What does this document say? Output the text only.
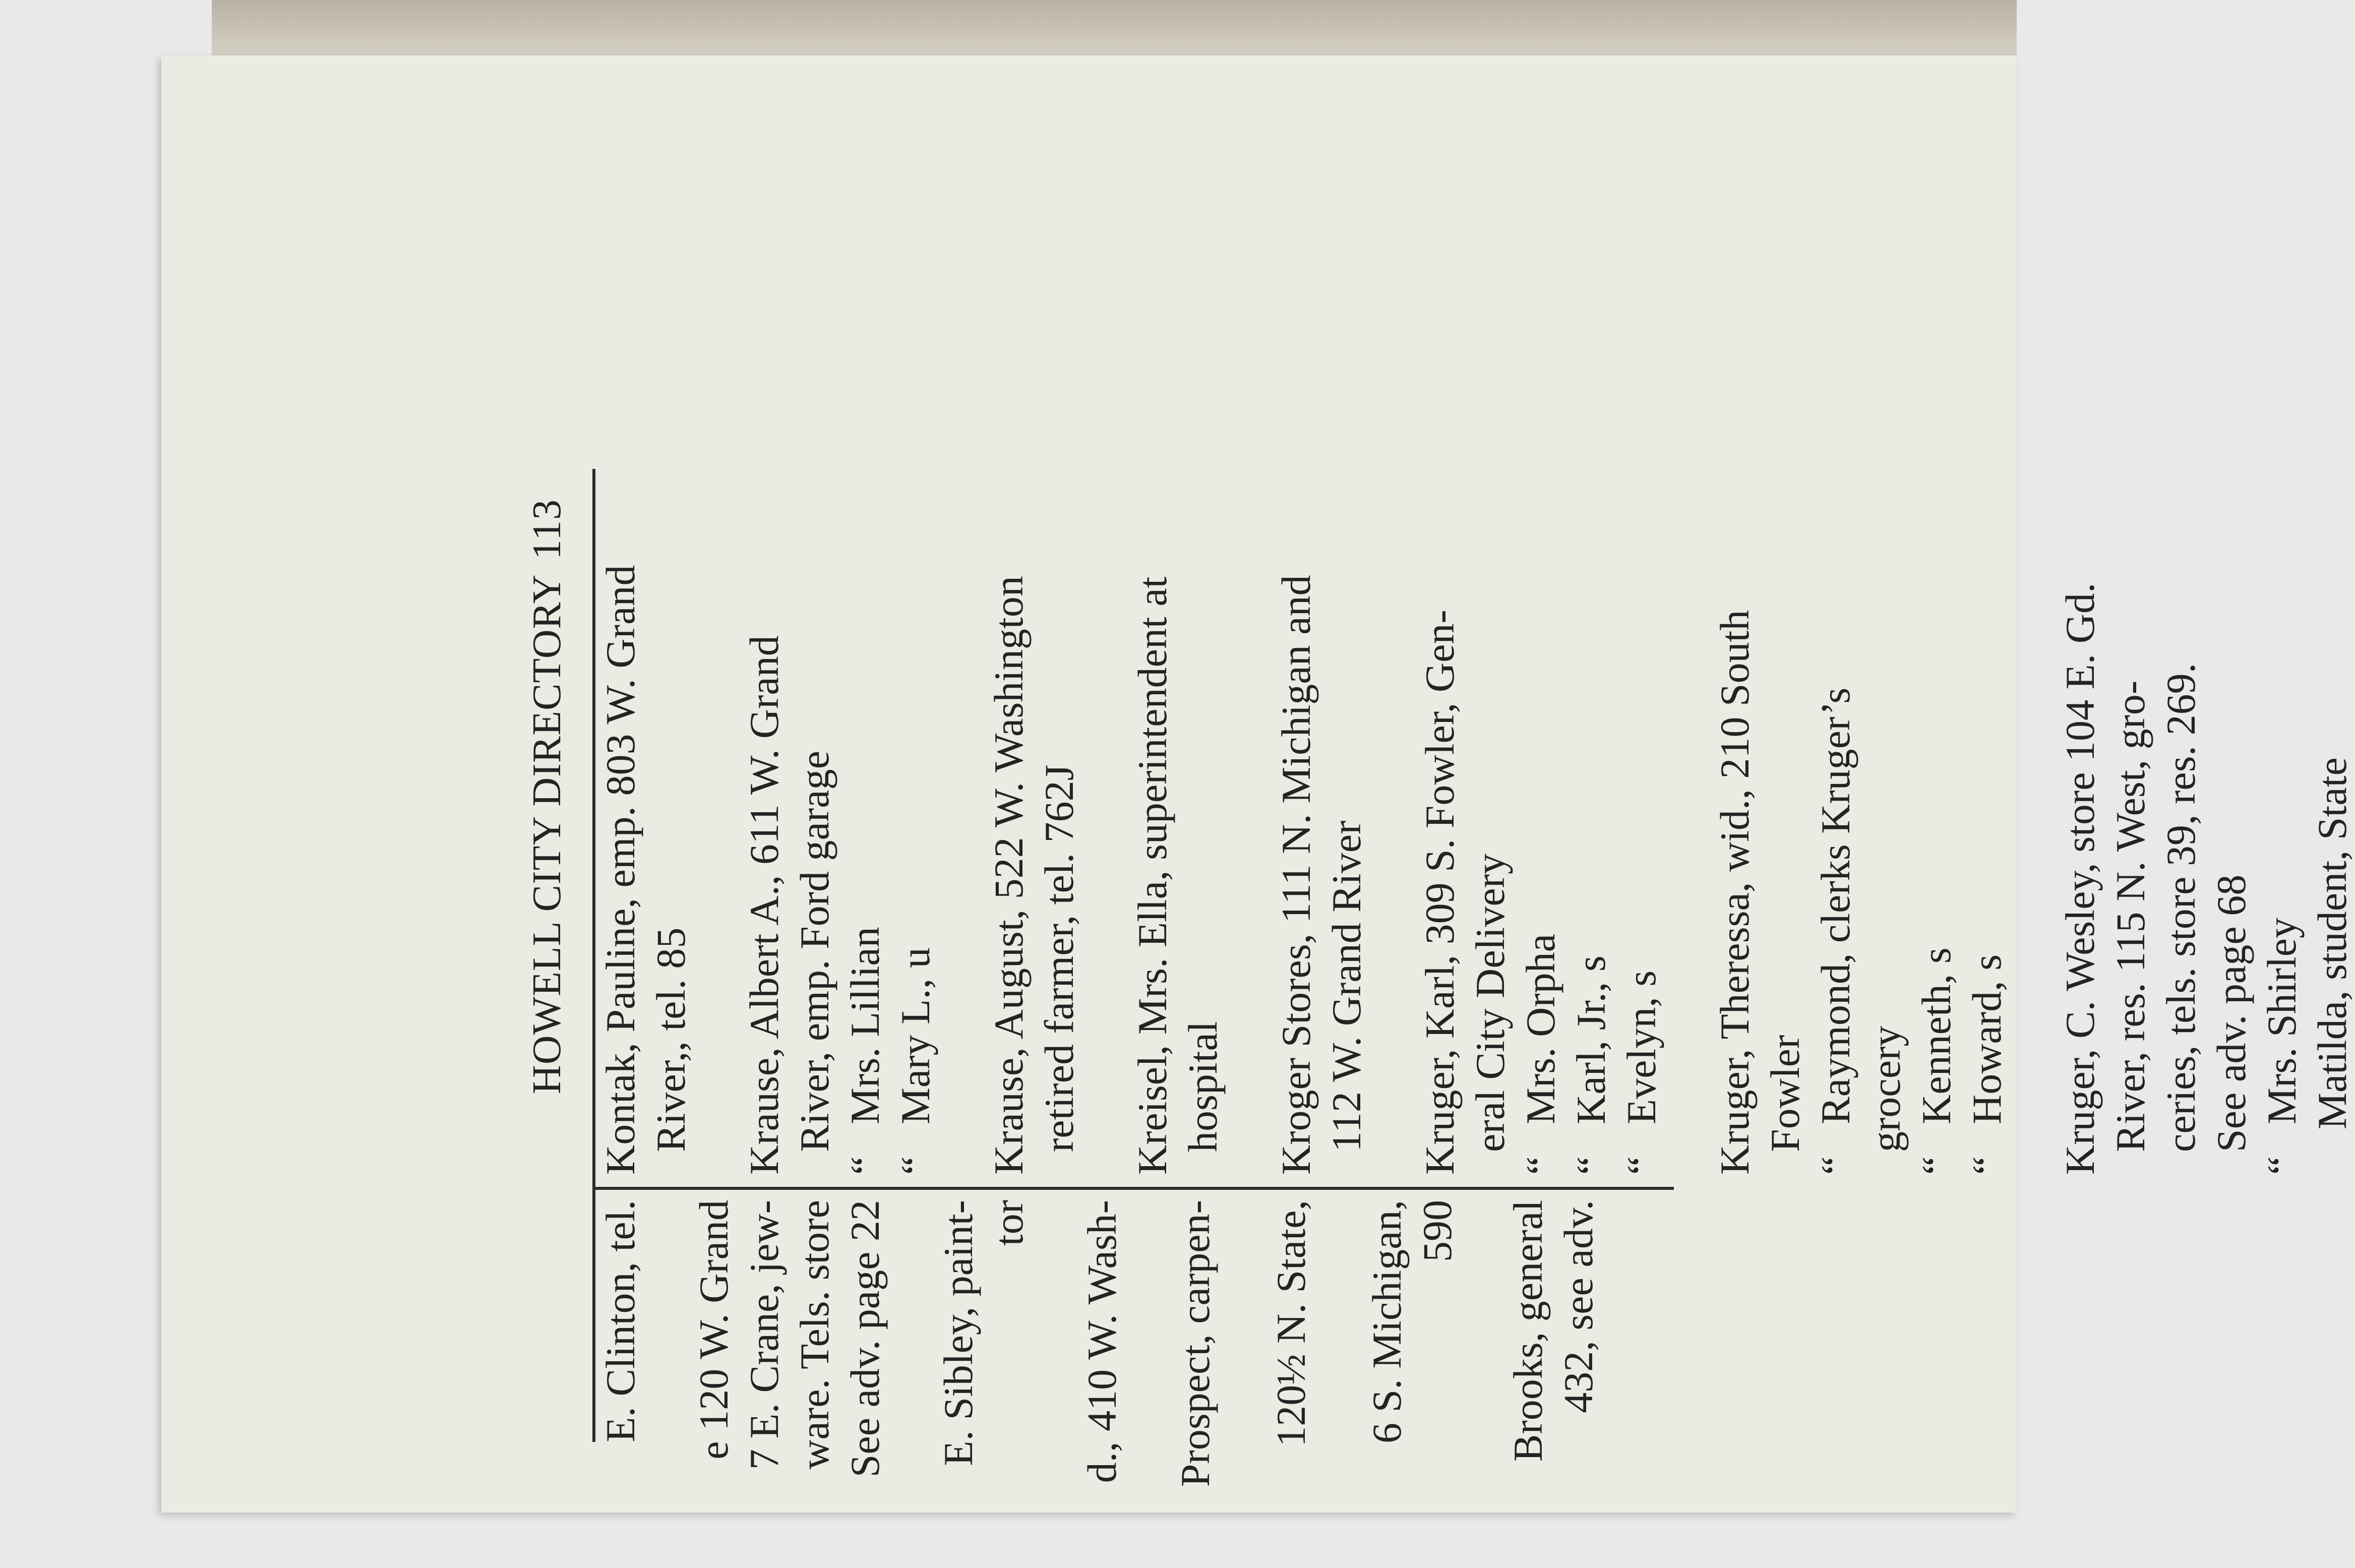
HOWELL CITY DIRECTORY
113
E. Clinton, tel. e 120 W. Grand 7 E. Crane, jew- ware. Tels. store See adv. page 22 E. Sibley, paint- tor d., 410 W. Wash- Prospect, carpen- 120½ N. State, 6 S. Michigan, 590 Brooks, general 432, see adv.
Kontak, Pauline, emp. 803 W. Grand River,, tel. 85 Krause, Albert A., 611 W. Grand River, emp. Ford garage
“Mrs. Lillian
“Mary L., u Krause, August, 522 W. Washington retired farmer, tel. 762J Kreisel, Mrs. Ella, superintendent at hospital Kroger Stores, 111 N. Michigan and 112 W. Grand River Kruger, Karl, 309 S. Fowler, Gen- eral City Delivery
“Mrs. Orpha
“Karl, Jr., s
“Evelyn, s Kruger, Theressa, wid., 210 South Fowler
“Raymond, clerks Kruger’s grocery
“Kenneth, s
“Howard, s Kruger, C. Wesley, store 104 E. Gd. River, res. 115 N. West, gro- ceries, tels. store 39, res. 269. See adv. page 68
“Mrs. Shirley Matilda, student, State
